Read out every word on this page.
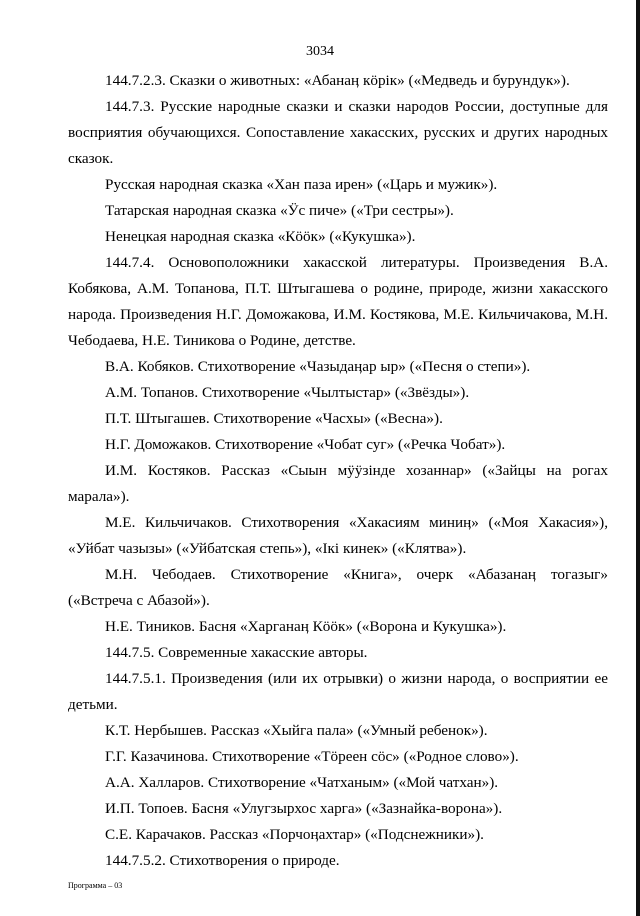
3034

144.7.2.3. Сказки о животных: «Абанаӊ кӧрік» («Медведь и бурундук»).

144.7.3. Русские народные сказки и сказки народов России, доступные для восприятия обучающихся. Сопоставление хакасских, русских и других народных сказок.

Русская народная сказка «Хан паза ирен» («Царь и мужик»).

Татарская народная сказка «Ӱс пиче» («Три сестры»).

Ненецкая народная сказка «Кӧӧк» («Кукушка»).

144.7.4. Основоположники хакасской литературы. Произведения В.А. Кобякова, А.М. Топанова, П.Т. Штыгашева о родине, природе, жизни хакасского народа. Произведения Н.Г. Доможакова, И.М. Костякова, М.Е. Кильчичакова, М.Н. Чебодаева, Н.Е. Тиникова о Родине, детстве.

В.А. Кобяков. Стихотворение «Чазыдаӊар ыр» («Песня о степи»).

А.М. Топанов. Стихотворение «Чылтыстар» («Звёзды»).

П.Т. Штыгашев. Стихотворение «Часхы» («Весна»).

Н.Г. Доможаков. Стихотворение «Чобат суг» («Речка Чобат»).

И.М. Костяков. Рассказ «Сыын мӱӱзiнде хозаннар» («Зайцы на рогах марала»).

М.Е. Кильчичаков. Стихотворения «Хакасиям миниӊ» («Моя Хакасия»), «Уйбат чазызы» («Уйбатская степь»), «Ікі кинек» («Клятва»).

М.Н. Чебодаев. Стихотворение «Книга», очерк «Абазанаӊ тогазыг» («Встреча с Абазой»).

Н.Е. Тиников. Басня «Харганаӊ Кӧӧк» («Ворона и Кукушка»).

144.7.5. Современные хакасские авторы.

144.7.5.1. Произведения (или их отрывки) о жизни народа, о восприятии ее детьми.

К.Т. Нербышев. Рассказ «Хыйга пала» («Умный ребенок»).

Г.Г. Казачинова. Стихотворение «Тӧреен сӧс» («Родное слово»).

А.А. Халларов. Стихотворение «Чатханым» («Мой чатхан»).

И.П. Топоев. Басня «Улугзырхос харга» («Зазнайка-ворона»).

С.Е. Карачаков. Рассказ «Порчоӊахтар» («Подснежники»).

144.7.5.2. Стихотворения о природе.

Программа – 03
